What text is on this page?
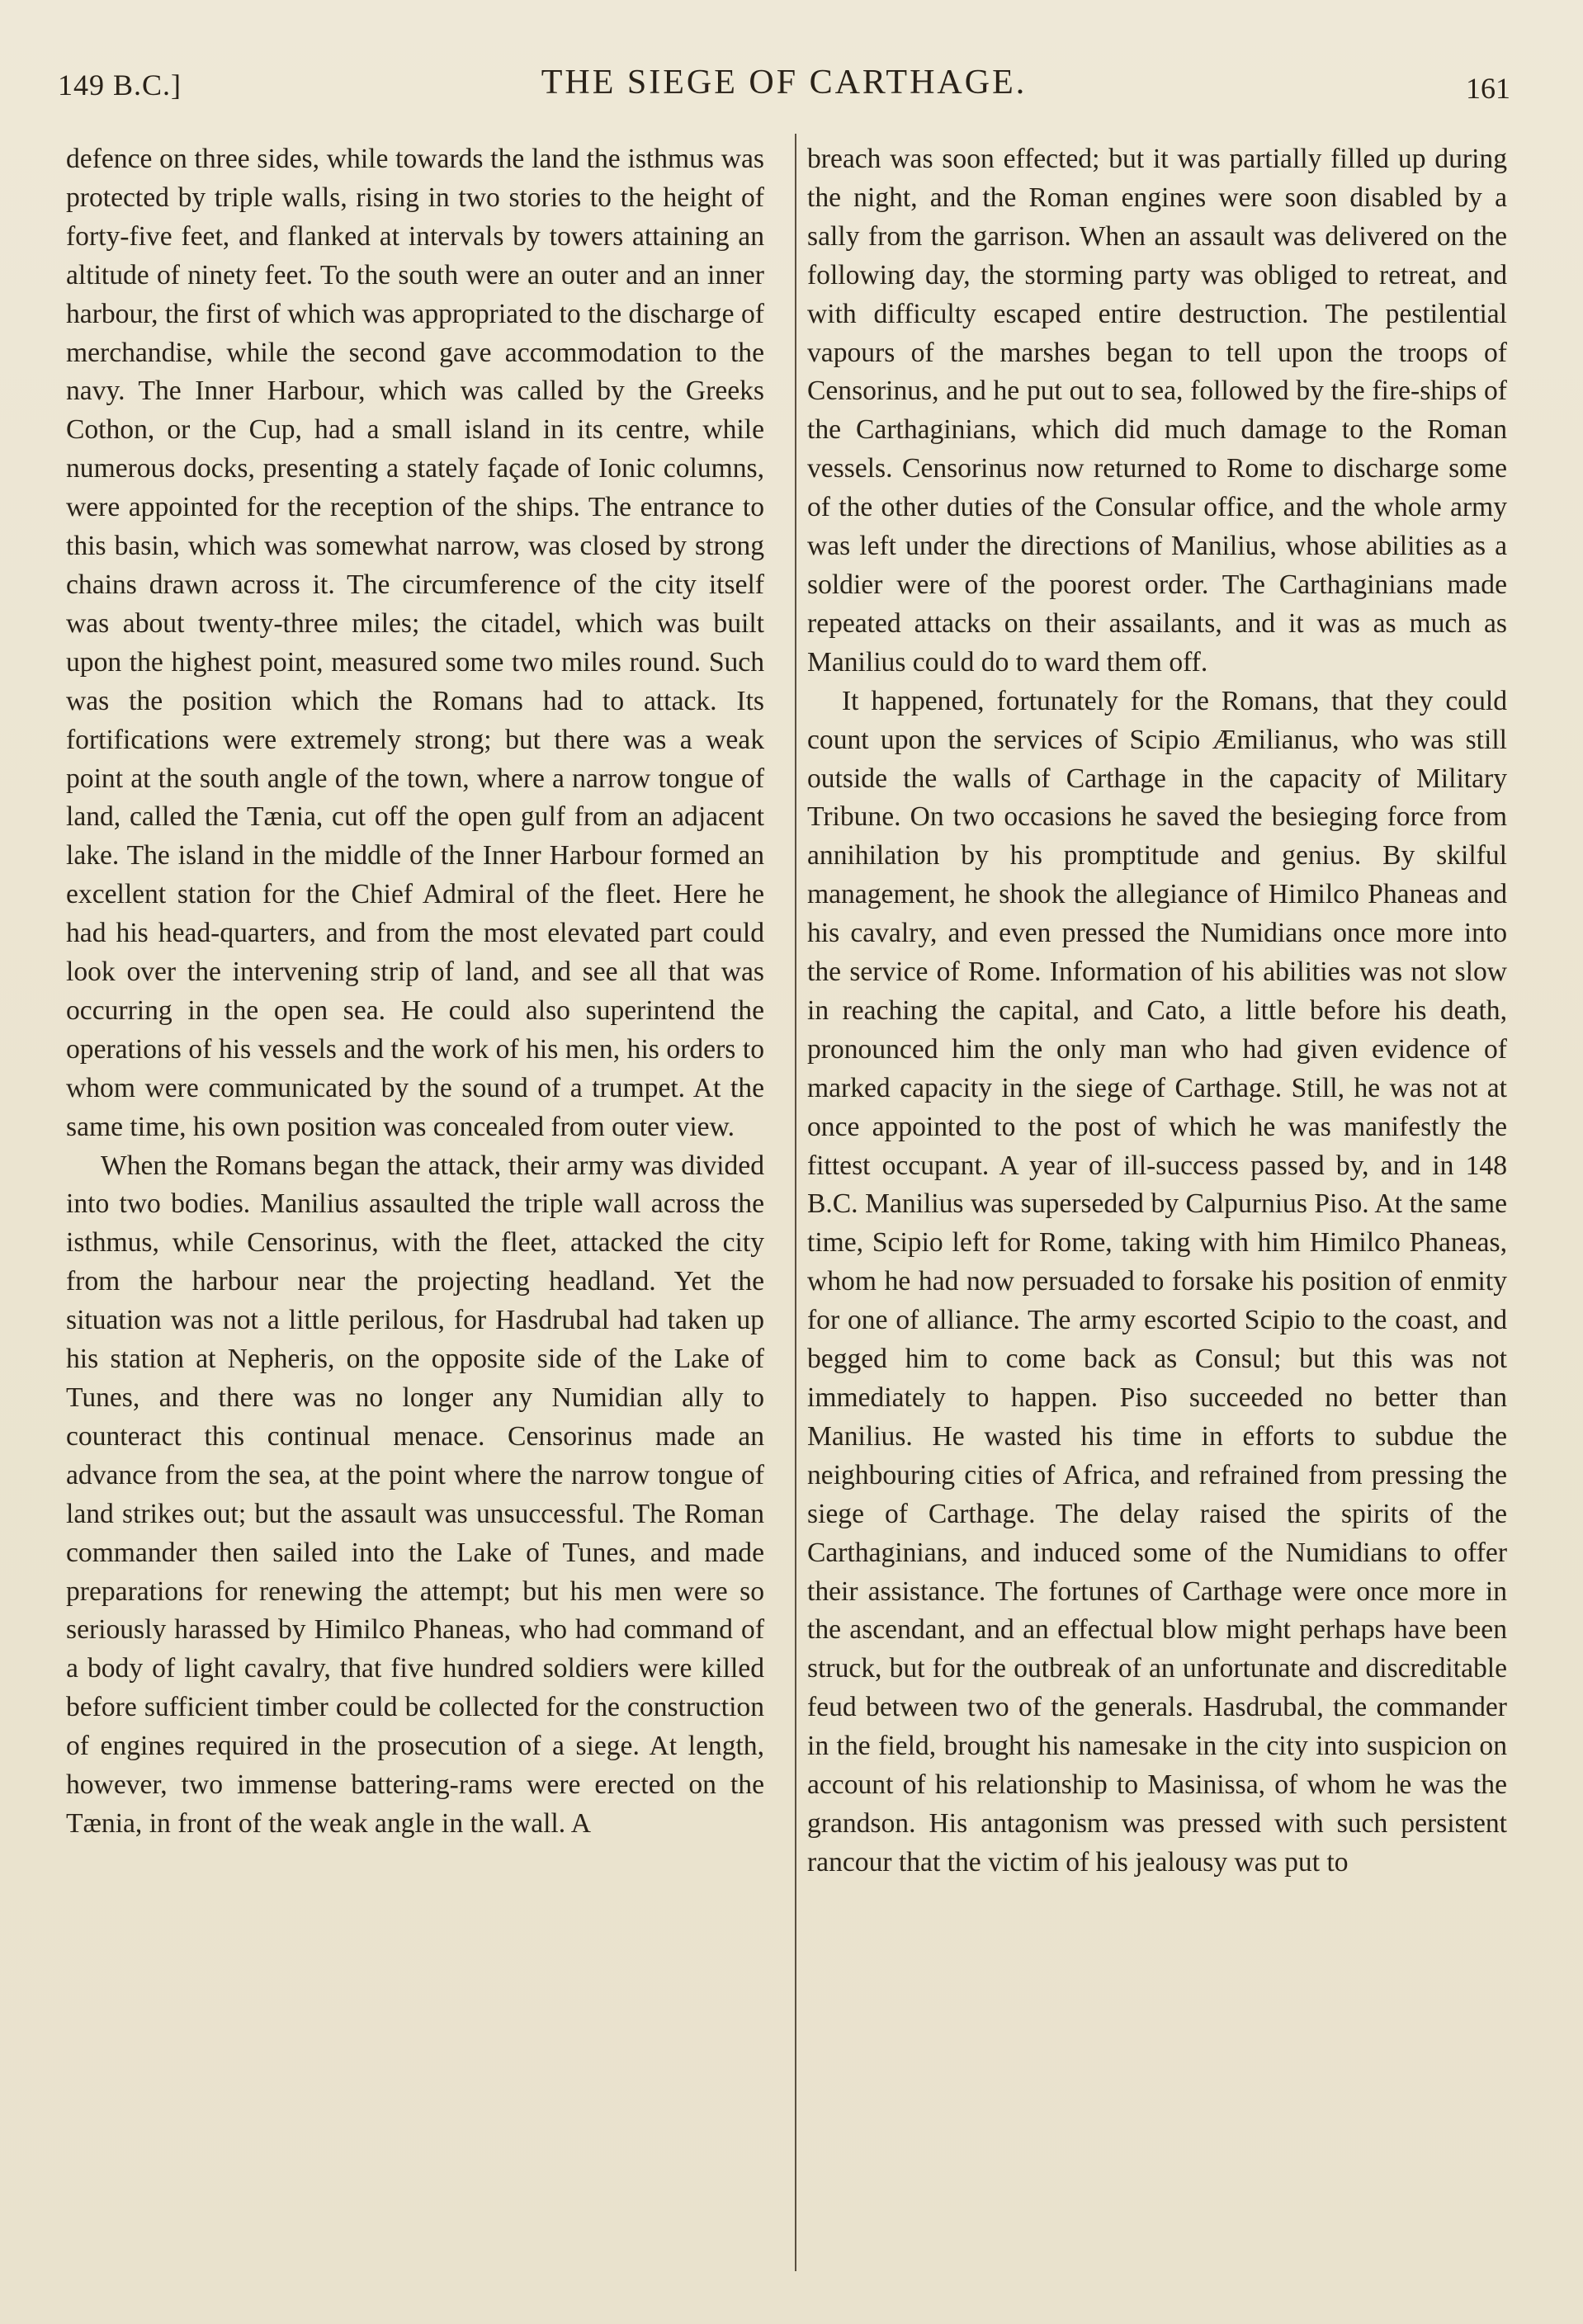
149 B.C.]	THE SIEGE OF CARTHAGE.	161

defence on three sides, while towards the land the isthmus was protected by triple walls, rising in two stories to the height of forty-five feet, and flanked at intervals by towers attaining an altitude of ninety feet. To the south were an outer and an inner harbour, the first of which was appropriated to the discharge of merchandise, while the second gave accommodation to the navy. The Inner Harbour, which was called by the Greeks Cothon, or the Cup, had a small island in its centre, while numerous docks, presenting a stately façade of Ionic columns, were appointed for the reception of the ships. The entrance to this basin, which was somewhat narrow, was closed by strong chains drawn across it. The circumference of the city itself was about twenty-three miles; the citadel, which was built upon the highest point, measured some two miles round. Such was the position which the Romans had to attack. Its fortifications were extremely strong; but there was a weak point at the south angle of the town, where a narrow tongue of land, called the Tænia, cut off the open gulf from an adjacent lake. The island in the middle of the Inner Harbour formed an excellent station for the Chief Admiral of the fleet. Here he had his head-quarters, and from the most elevated part could look over the intervening strip of land, and see all that was occurring in the open sea. He could also superintend the operations of his vessels and the work of his men, his orders to whom were communicated by the sound of a trumpet. At the same time, his own position was concealed from outer view.

When the Romans began the attack, their army was divided into two bodies. Manilius assaulted the triple wall across the isthmus, while Censorinus, with the fleet, attacked the city from the harbour near the projecting headland. Yet the situation was not a little perilous, for Hasdrubal had taken up his station at Nepheris, on the opposite side of the Lake of Tunes, and there was no longer any Numidian ally to counteract this continual menace. Censorinus made an advance from the sea, at the point where the narrow tongue of land strikes out; but the assault was unsuccessful. The Roman commander then sailed into the Lake of Tunes, and made preparations for renewing the attempt; but his men were so seriously harassed by Himilco Phaneas, who had command of a body of light cavalry, that five hundred soldiers were killed before sufficient timber could be collected for the construction of engines required in the prosecution of a siege. At length, however, two immense battering-rams were erected on the Tænia, in front of the weak angle in the wall. A

breach was soon effected; but it was partially filled up during the night, and the Roman engines were soon disabled by a sally from the garrison. When an assault was delivered on the following day, the storming party was obliged to retreat, and with difficulty escaped entire destruction. The pestilential vapours of the marshes began to tell upon the troops of Censorinus, and he put out to sea, followed by the fire-ships of the Carthaginians, which did much damage to the Roman vessels. Censorinus now returned to Rome to discharge some of the other duties of the Consular office, and the whole army was left under the directions of Manilius, whose abilities as a soldier were of the poorest order. The Carthaginians made repeated attacks on their assailants, and it was as much as Manilius could do to ward them off.

It happened, fortunately for the Romans, that they could count upon the services of Scipio Æmilianus, who was still outside the walls of Carthage in the capacity of Military Tribune. On two occasions he saved the besieging force from annihilation by his promptitude and genius. By skilful management, he shook the allegiance of Himilco Phaneas and his cavalry, and even pressed the Numidians once more into the service of Rome. Information of his abilities was not slow in reaching the capital, and Cato, a little before his death, pronounced him the only man who had given evidence of marked capacity in the siege of Carthage. Still, he was not at once appointed to the post of which he was manifestly the fittest occupant. A year of ill-success passed by, and in 148 B.C. Manilius was superseded by Calpurnius Piso. At the same time, Scipio left for Rome, taking with him Himilco Phaneas, whom he had now persuaded to forsake his position of enmity for one of alliance. The army escorted Scipio to the coast, and begged him to come back as Consul; but this was not immediately to happen. Piso succeeded no better than Manilius. He wasted his time in efforts to subdue the neighbouring cities of Africa, and refrained from pressing the siege of Carthage. The delay raised the spirits of the Carthaginians, and induced some of the Numidians to offer their assistance. The fortunes of Carthage were once more in the ascendant, and an effectual blow might perhaps have been struck, but for the outbreak of an unfortunate and discreditable feud between two of the generals. Hasdrubal, the commander in the field, brought his namesake in the city into suspicion on account of his relationship to Masinissa, of whom he was the grandson. His antagonism was pressed with such persistent rancour that the victim of his jealousy was put to
